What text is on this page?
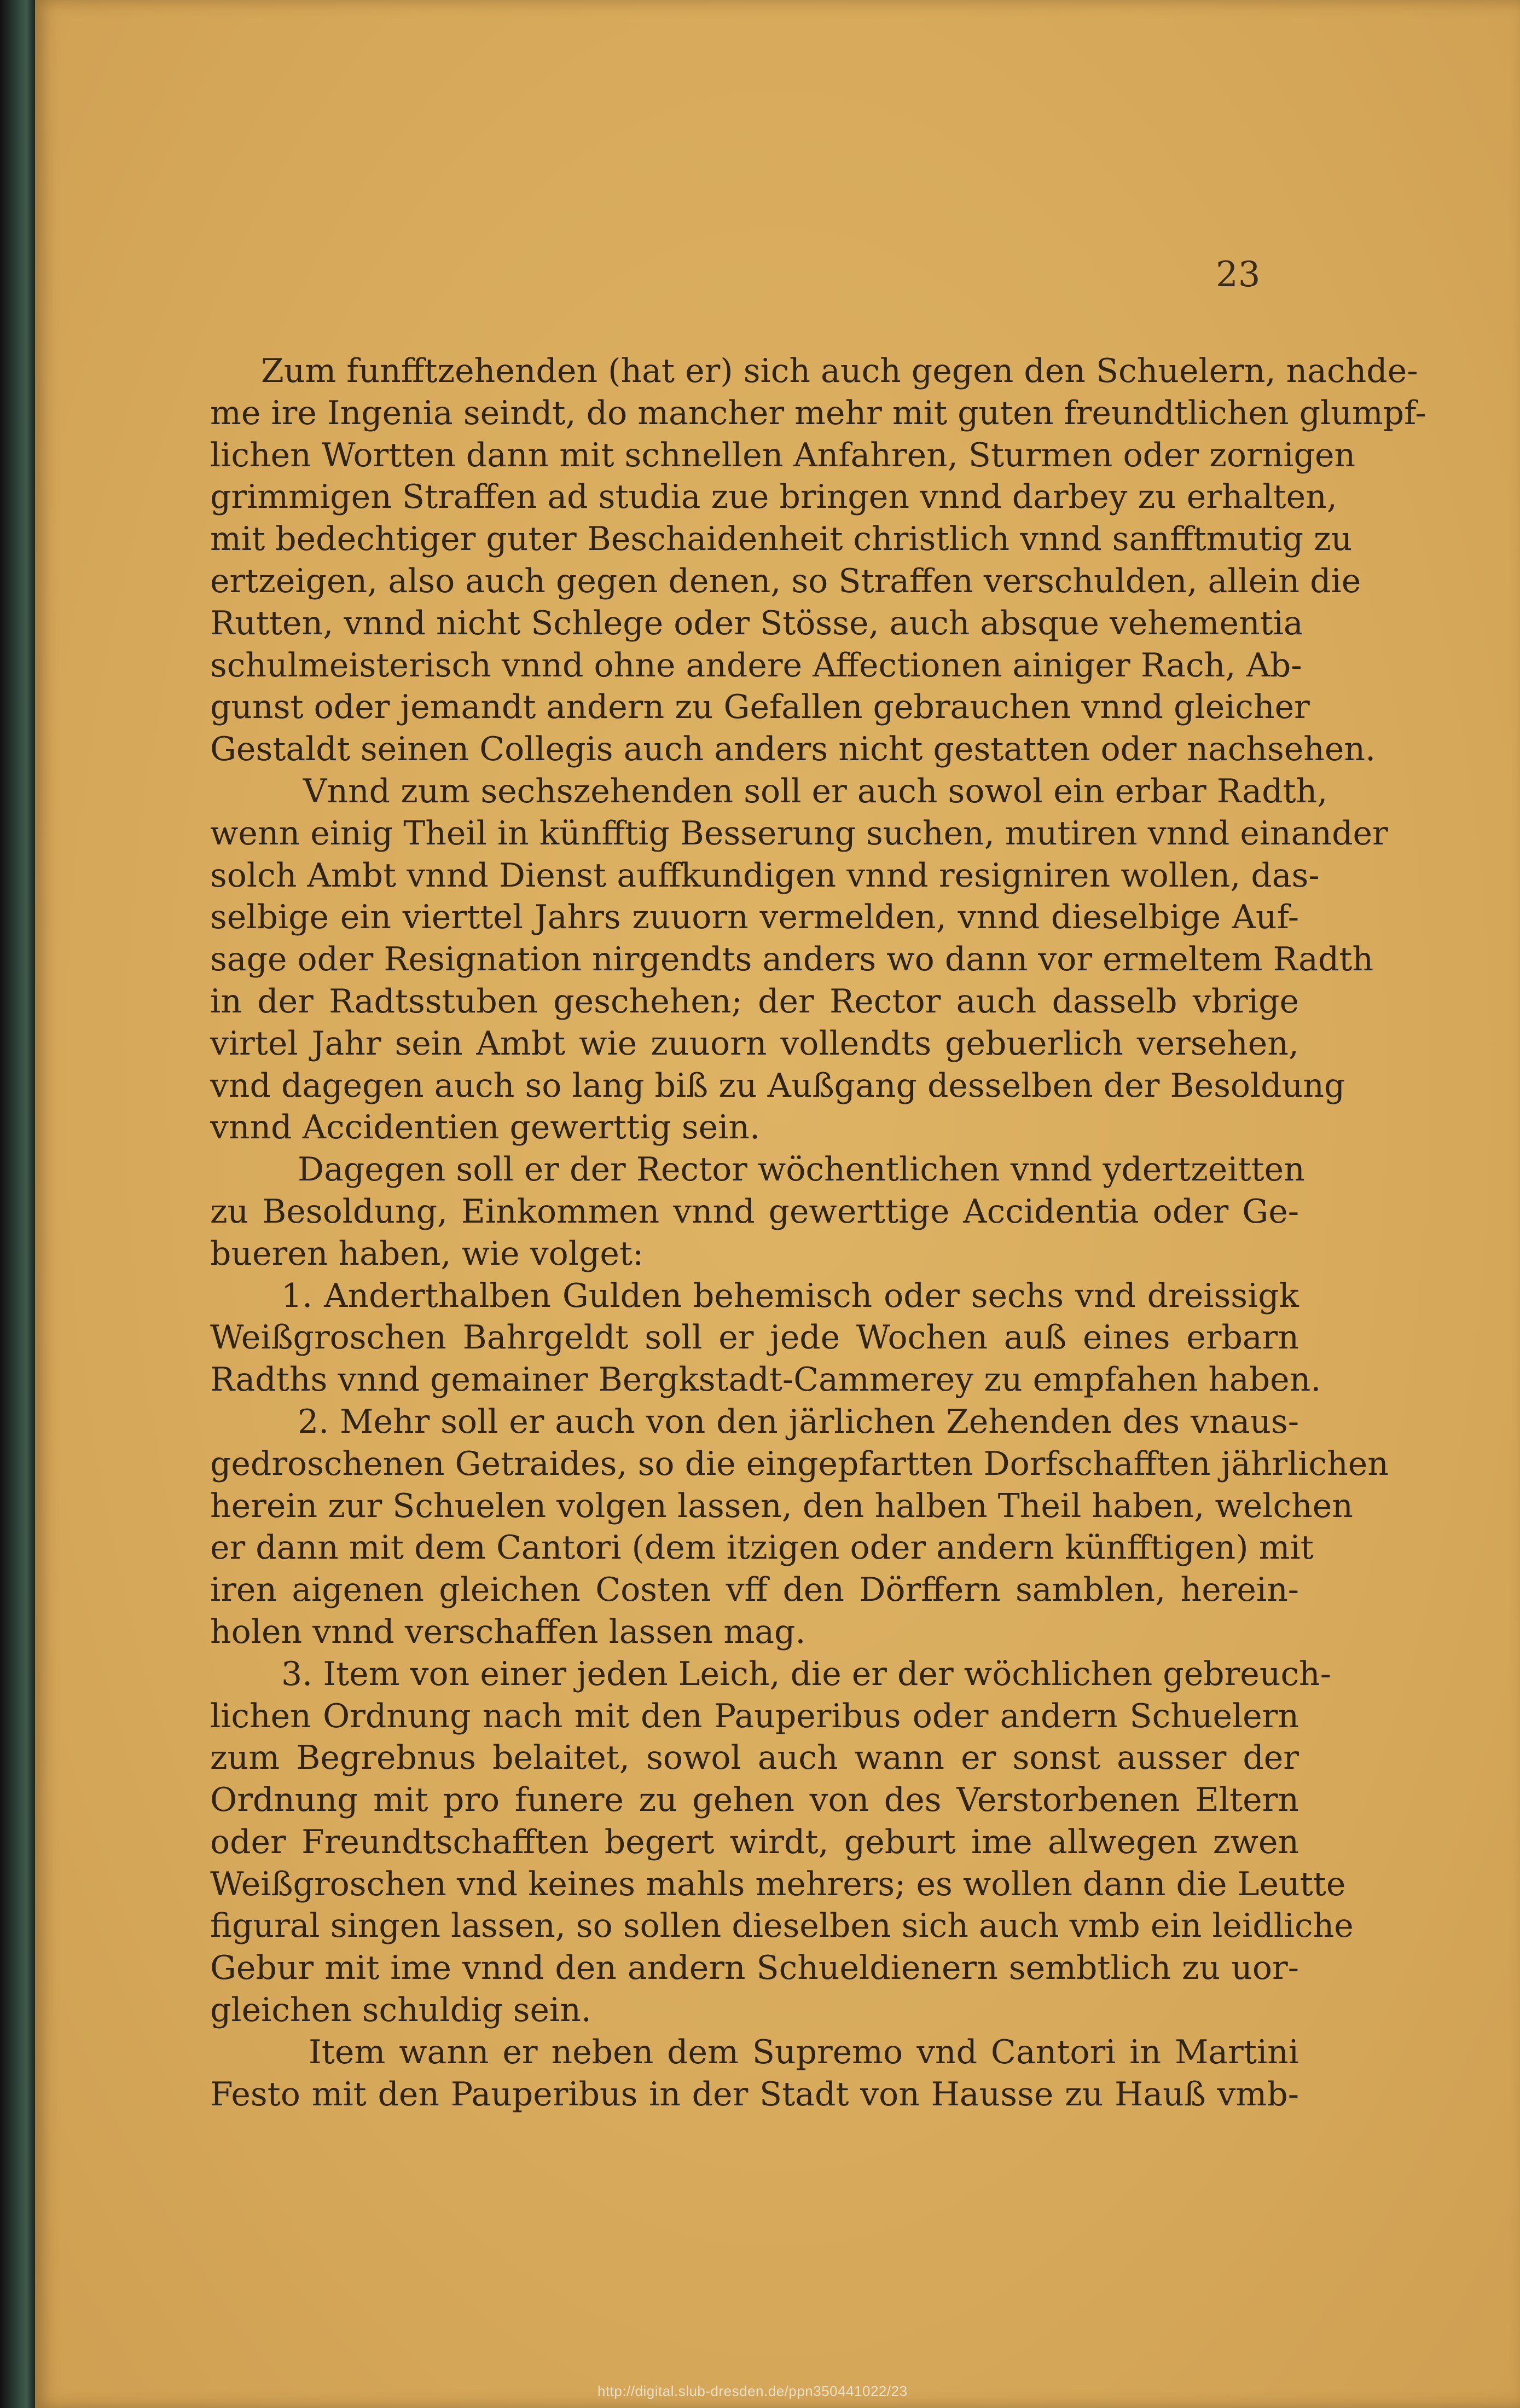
23

Zum funfftzehenden (hat er) sich auch gegen den Schuelern, nachde-

me ire Ingenia seindt, do mancher mehr mit guten freundtlichen glumpf-

lichen Wortten dann mit schnellen Anfahren, Sturmen oder zornigen

grimmigen Straffen ad studia zue bringen vnnd darbey zu erhalten,

mit bedechtiger guter Beschaidenheit christlich vnnd sanfftmutig zu

ertzeigen, also auch gegen denen, so Straffen verschulden, allein die

Rutten, vnnd nicht Schlege oder Stösse, auch absque vehementia

schulmeisterisch vnnd ohne andere Affectionen ainiger Rach, Ab-

gunst oder jemandt andern zu Gefallen gebrauchen vnnd gleicher

Gestaldt seinen Collegis auch anders nicht gestatten oder nachsehen.

Vnnd zum sechszehenden soll er auch sowol ein erbar Radth,

wenn einig Theil in künfftig Besserung suchen, mutiren vnnd einander

solch Ambt vnnd Dienst auffkundigen vnnd resigniren wollen, das-

selbige ein vierttel Jahrs zuuorn vermelden, vnnd dieselbige Auf-

sage oder Resignation nirgendts anders wo dann vor ermeltem Radth

in der Radtsstuben geschehen; der Rector auch dasselb vbrige

virtel Jahr sein Ambt wie zuuorn vollendts gebuerlich versehen,

vnd dagegen auch so lang biß zu Außgang desselben der Besoldung

vnnd Accidentien gewerttig sein.

Dagegen soll er der Rector wöchentlichen vnnd ydertzeitten

zu Besoldung, Einkommen vnnd gewerttige Accidentia oder Ge-

bueren haben, wie volget:

1. Anderthalben Gulden behemisch oder sechs vnd dreissigk

Weißgroschen Bahrgeldt soll er jede Wochen auß eines erbarn

Radths vnnd gemainer Bergkstadt-Cammerey zu empfahen haben.

2. Mehr soll er auch von den järlichen Zehenden des vnaus-

gedroschenen Getraides, so die eingepfartten Dorfschafften jährlichen

herein zur Schuelen volgen lassen, den halben Theil haben, welchen

er dann mit dem Cantori (dem itzigen oder andern künfftigen) mit

iren aigenen gleichen Costen vff den Dörffern samblen, herein-

holen vnnd verschaffen lassen mag.

3. Item von einer jeden Leich, die er der wöchlichen gebreuch-

lichen Ordnung nach mit den Pauperibus oder andern Schuelern

zum Begrebnus belaitet, sowol auch wann er sonst ausser der

Ordnung mit pro funere zu gehen von des Verstorbenen Eltern

oder Freundtschafften begert wirdt, geburt ime allwegen zwen

Weißgroschen vnd keines mahls mehrers; es wollen dann die Leutte

figural singen lassen, so sollen dieselben sich auch vmb ein leidliche

Gebur mit ime vnnd den andern Schueldienern sembtlich zu uor-

gleichen schuldig sein.

Item wann er neben dem Supremo vnd Cantori in Martini

Festo mit den Pauperibus in der Stadt von Hausse zu Hauß vmb-

http://digital.slub-dresden.de/ppn350441022/23
